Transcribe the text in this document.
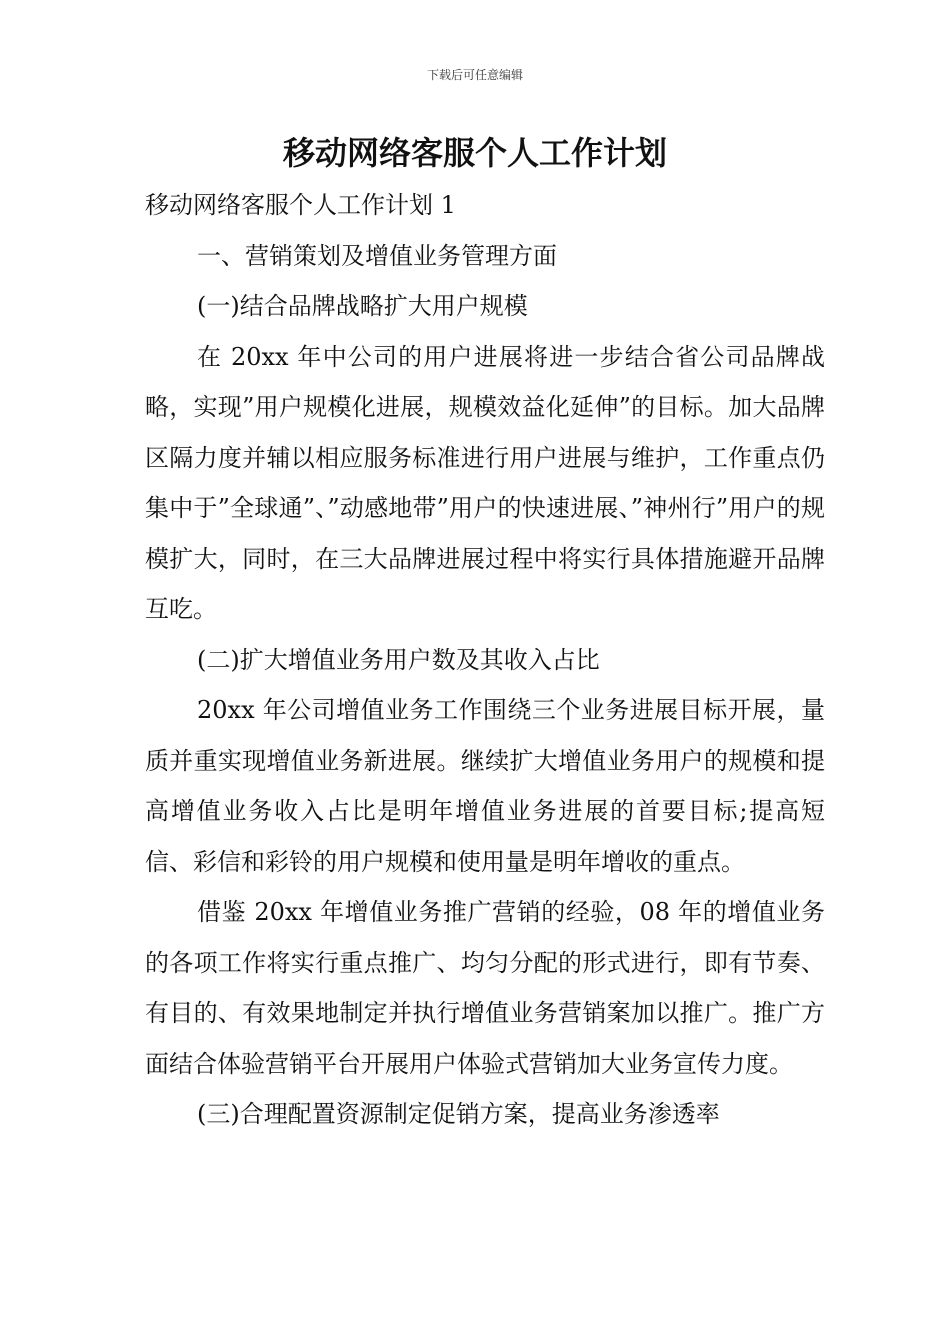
下载后可任意编辑
移动网络客服个人工作计划

移动网络客服个人工作计划 1

一、营销策划及增值业务管理方面

(一)结合品牌战略扩大用户规模

在 20xx 年中公司的用户进展将进一步结合省公司品牌战略，实现”用户规模化进展，规模效益化延伸”的目标。加大品牌区隔力度并辅以相应服务标准进行用户进展与维护，工作重点仍集中于”全球通”、”动感地带”用户的快速进展、”神州行”用户的规模扩大，同时，在三大品牌进展过程中将实行具体措施避开品牌互吃。

(二)扩大增值业务用户数及其收入占比

20xx 年公司增值业务工作围绕三个业务进展目标开展，量质并重实现增值业务新进展。继续扩大增值业务用户的规模和提高增值业务收入占比是明年增值业务进展的首要目标;提高短信、彩信和彩铃的用户规模和使用量是明年增收的重点。

借鉴 20xx 年增值业务推广营销的经验，08 年的增值业务的各项工作将实行重点推广、均匀分配的形式进行，即有节奏、有目的、有效果地制定并执行增值业务营销案加以推广。推广方面结合体验营销平台开展用户体验式营销加大业务宣传力度。

(三)合理配置资源制定促销方案，提高业务渗透率
